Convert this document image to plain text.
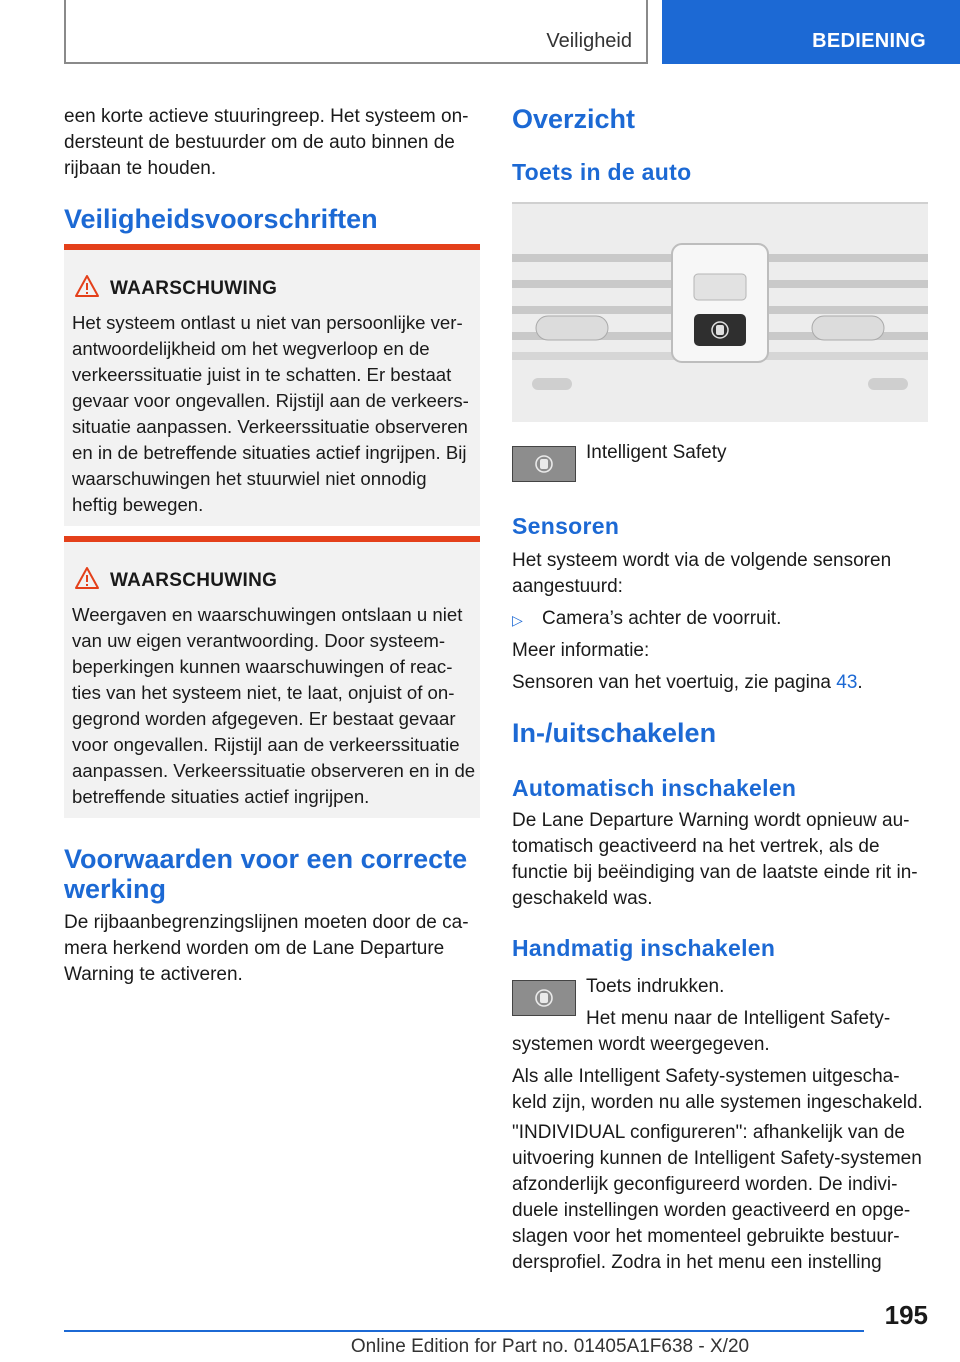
Veiligheid	BEDIENING

een korte actieve stuuringreep. Het systeem on-dersteunt de bestuurder om de auto binnen de rijbaan te houden.

Veiligheidsvoorschriften
WAARSCHUWING
Het systeem ontlast u niet van persoonlijke ver-antwoordelijkheid om het wegverloop en de verkeerssituatie juist in te schatten. Er bestaat gevaar voor ongevallen. Rijstijl aan de verkeers-situatie aanpassen. Verkeerssituatie observeren en in de betreffende situaties actief ingrijpen. Bij waarschuwingen het stuurwiel niet onnodig heftig bewegen.
WAARSCHUWING
Weergaven en waarschuwingen ontslaan u niet van uw eigen verantwoording. Door systeem-beperkingen kunnen waarschuwingen of reac-ties van het systeem niet, te laat, onjuist of on-gegrond worden afgegeven. Er bestaat gevaar voor ongevallen. Rijstijl aan de verkeerssituatie aanpassen. Verkeerssituatie observeren en in de betreffende situaties actief ingrijpen.
Voorwaarden voor een correcte werking

De rijbaanbegrenzingslijnen moeten door de ca-mera herkend worden om de Lane Departure Warning te activeren.

Overzicht
Toets in de auto

Intelligent Safety

Sensoren

Het systeem wordt via de volgende sensoren aangestuurd:

▷ Camera’s achter de voorruit.

Meer informatie:

Sensoren van het voertuig, zie pagina 43.

In-/uitschakelen
Automatisch inschakelen

De Lane Departure Warning wordt opnieuw au-tomatisch geactiveerd na het vertrek, als de functie bij beëindiging van de laatste einde rit in-geschakeld was.

Handmatig inschakelen

Toets indrukken.

Het menu naar de Intelligent Safety-

systemen wordt weergegeven.

Als alle Intelligent Safety-systemen uitgescha-keld zijn, worden nu alle systemen ingeschakeld.

"INDIVIDUAL configureren": afhankelijk van de uitvoering kunnen de Intelligent Safety-systemen afzonderlijk geconfigureerd worden. De indivi-duele instellingen worden geactiveerd en opge-slagen voor het momenteel gebruikte bestuur-dersprofiel. Zodra in het menu een instelling

195
Online Edition for Part no. 01405A1F638 - X/20
